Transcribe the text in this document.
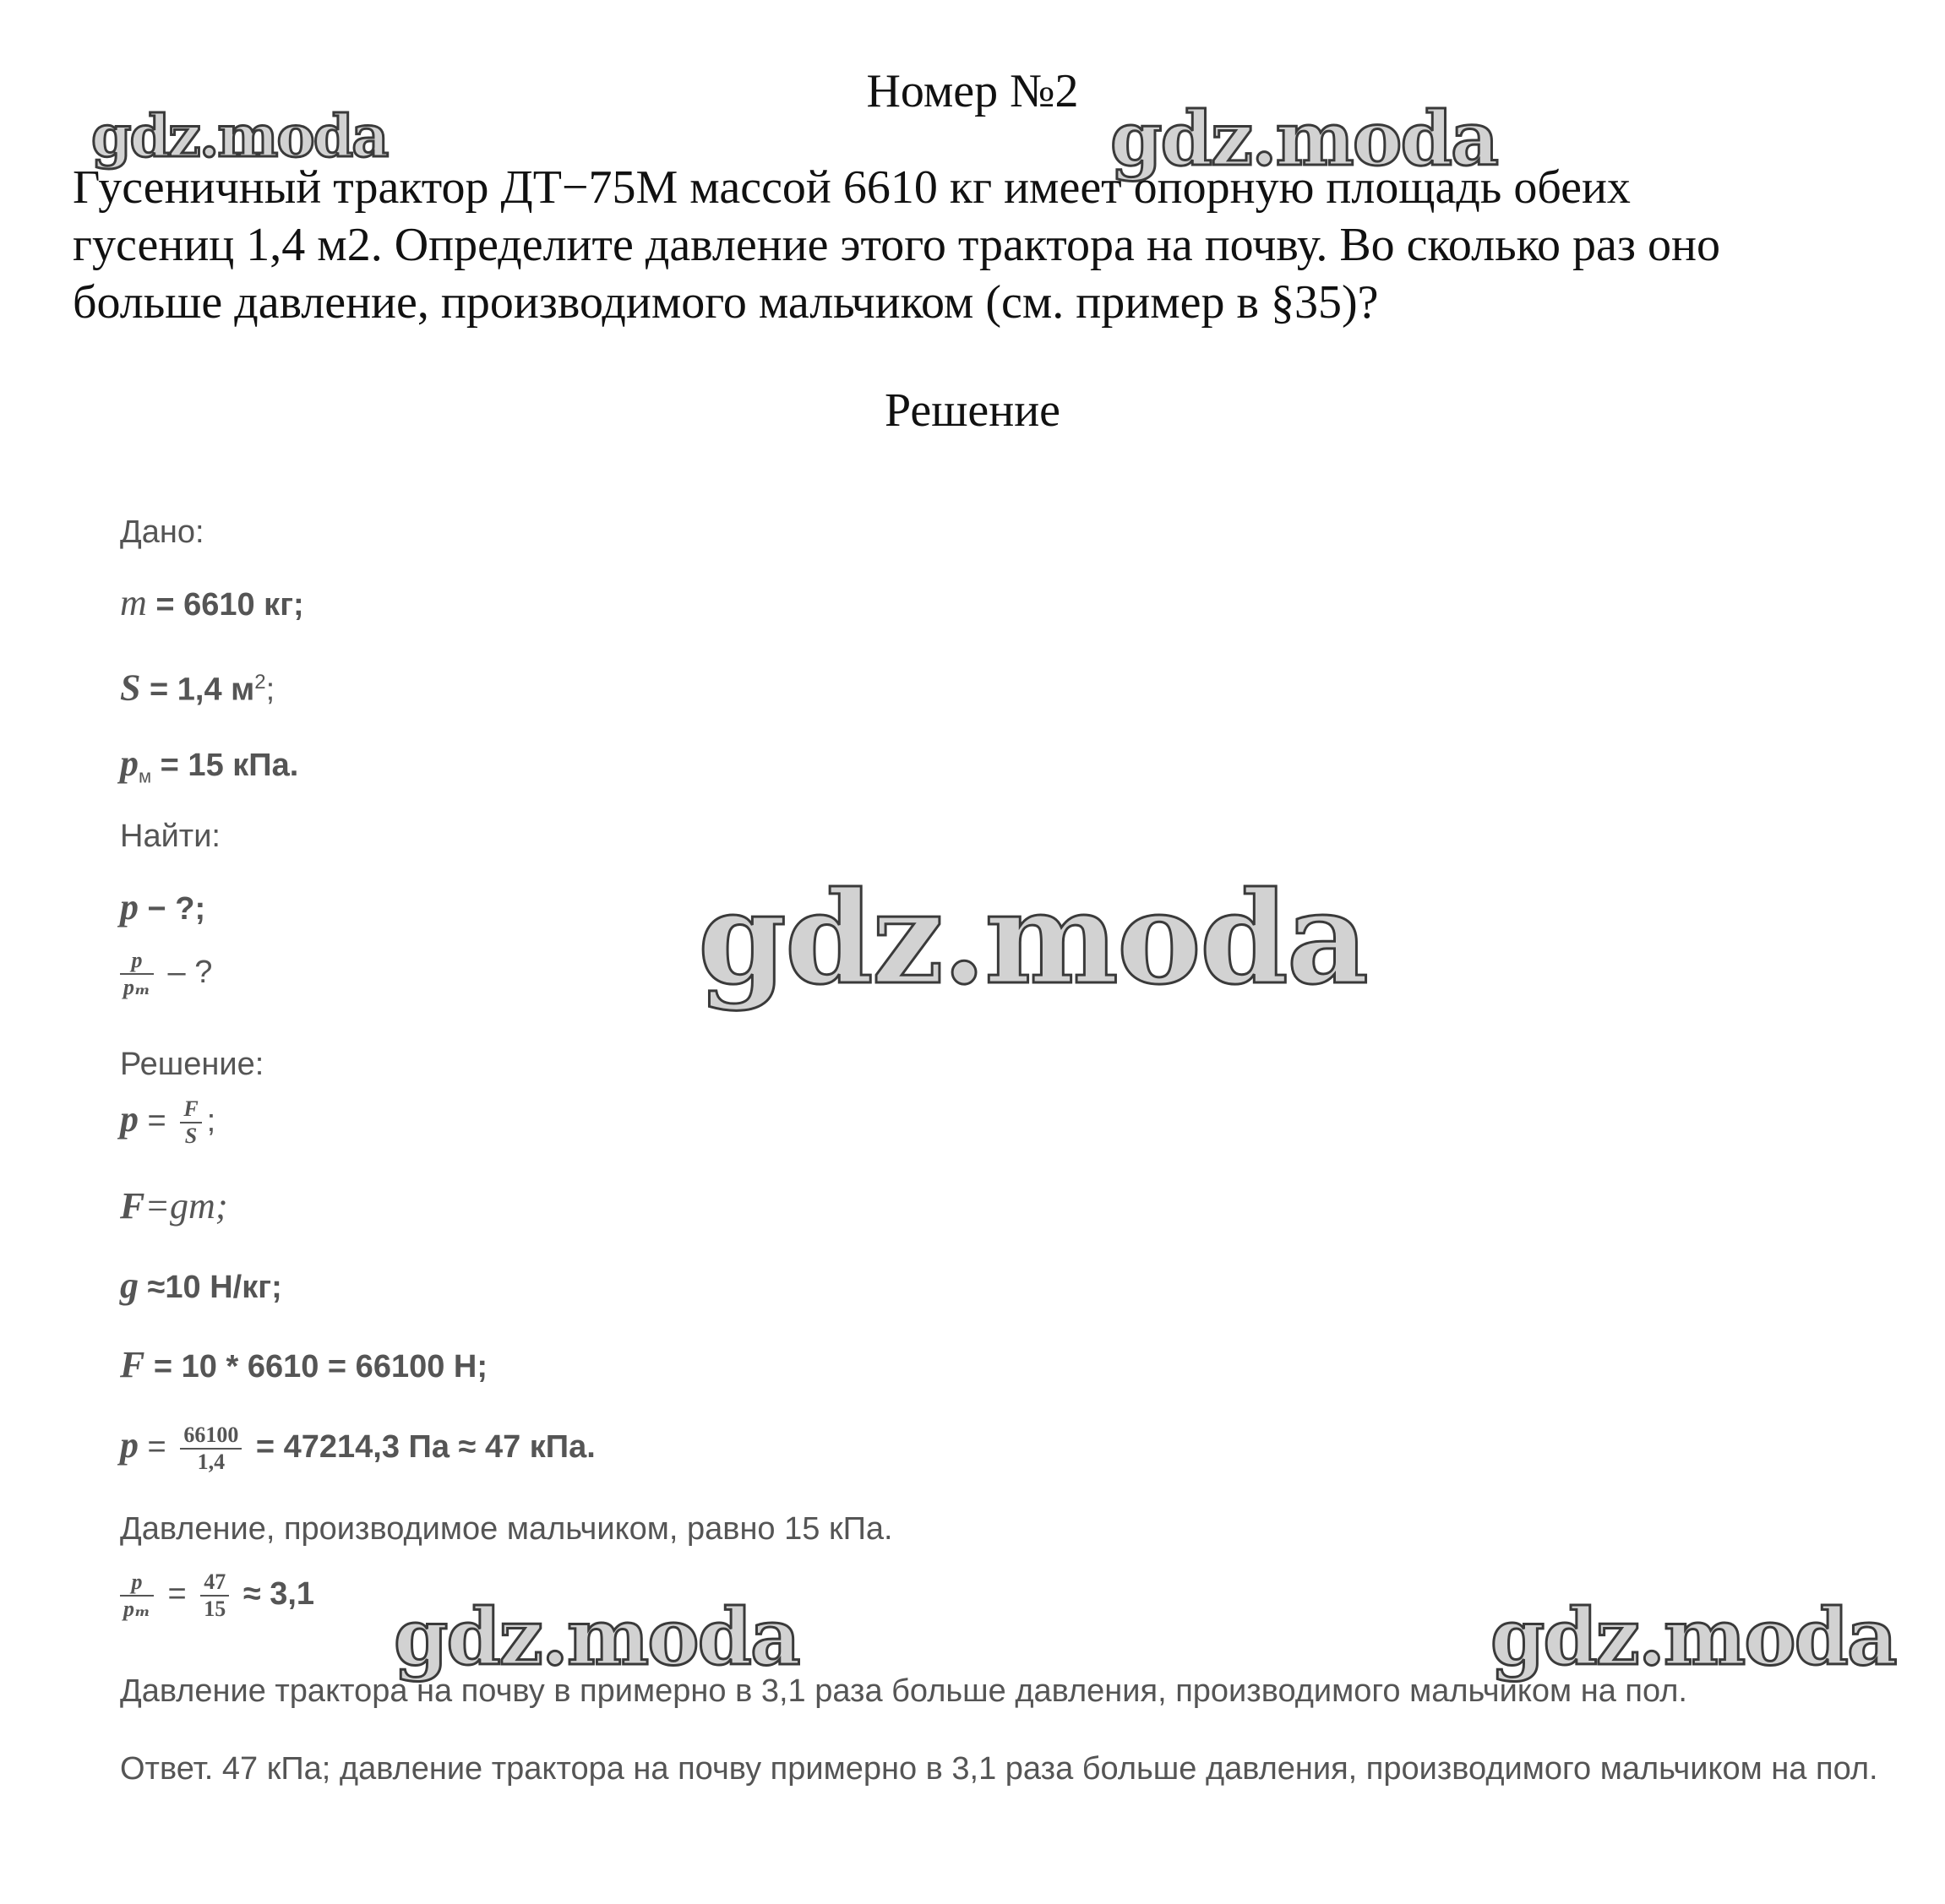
Номер №2
Гусеничный трактор ДТ−75М массой 6610 кг имеет опорную площадь обеих
гусениц 1,4 м2. Определите давление этого трактора на почву. Во сколько раз оно
больше давление, производимого мальчиком (см. пример в §35)?
Решение
Дано:
m = 6610 кг;
S = 1,4 $м^2$;
$p_м = 15$ кПа.
Найти:
p − ?;
$\frac{p}{\text{pₘ}}$ – ?
Решение:
$p = \frac{F}{S}$ ;
F=gm;
g ≈10 Н/кг;
F = 10 * 6610 = 66100 Н;
$p = \frac{66100}{1,4} = 47214,3$ Па ≈ 47 кПа.
Давление, производимое мальчиком, равно 15 кПа.
$\frac{p}{\text{pₘ}} = \frac{47}{15} \approx 3,1$
Давление трактора на почву в примерно в 3,1 раза больше давления, производимого мальчиком на пол.
Ответ. 47 кПа; давление трактора на почву примерно в 3,1 раза больше давления, производимого мальчиком на пол.
gdz.moda	gdz.moda
gdz.moda
gdz.moda	gdz.moda
